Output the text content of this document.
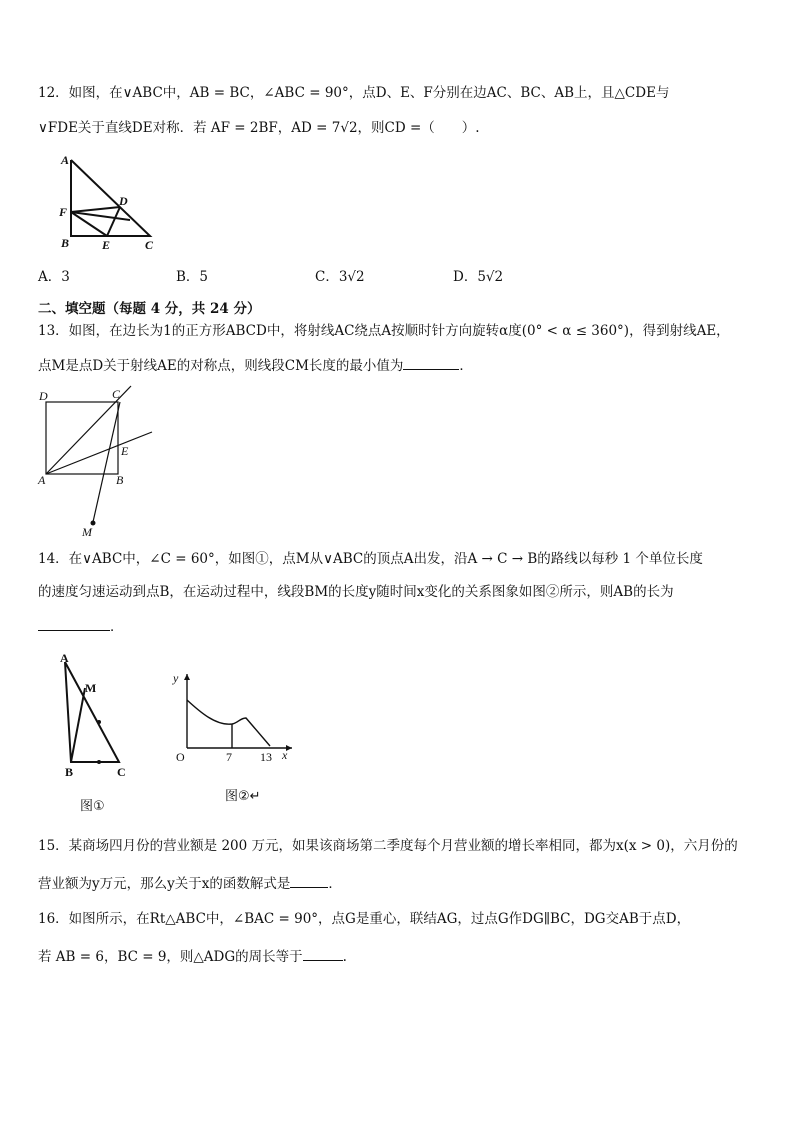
12．如图，在∨ABC中，AB = BC，∠ABC = 90°，点D、E、F分别在边AC、BC、AB上，且△CDE与
∨FDE关于直线DE对称．若 AF = 2BF，AD = 7√2，则CD =（　　）.
A
F
B	E	C
D
A．3	B．5	C．3√2	D．5√2
二、填空题（每题 4 分，共 24 分）
13．如图，在边长为1的正方形ABCD中，将射线AC绕点A按顺时针方向旋转α度(0° < α ≤ 360°)，得到射线AE，
点M是点D关于射线AE的对称点，则线段CM长度的最小值为	．
D	C
E
A	B
M
14．在∨ABC中，∠C = 60°，如图①，点M从∨ABC的顶点A出发，沿A → C → B的路线以每秒 1 个单位长度
的速度匀速运动到点B，在运动过程中，线段BM的长度y随时间x变化的关系图象如图②所示，则AB的长为
．
A
M
B	C
图①
y
O	7 13 x
图②↵
15．某商场四月份的营业额是 200 万元，如果该商场第二季度每个月营业额的增长率相同，都为x(x > 0)，六月份的
营业额为y万元，那么y关于x的函数解式是	．
16．如图所示，在Rt△ABC中，∠BAC = 90°，点G是重心，联结AG，过点G作DG∥BC，DG交AB于点D，
若 AB = 6，BC = 9，则△ADG的周长等于	.
